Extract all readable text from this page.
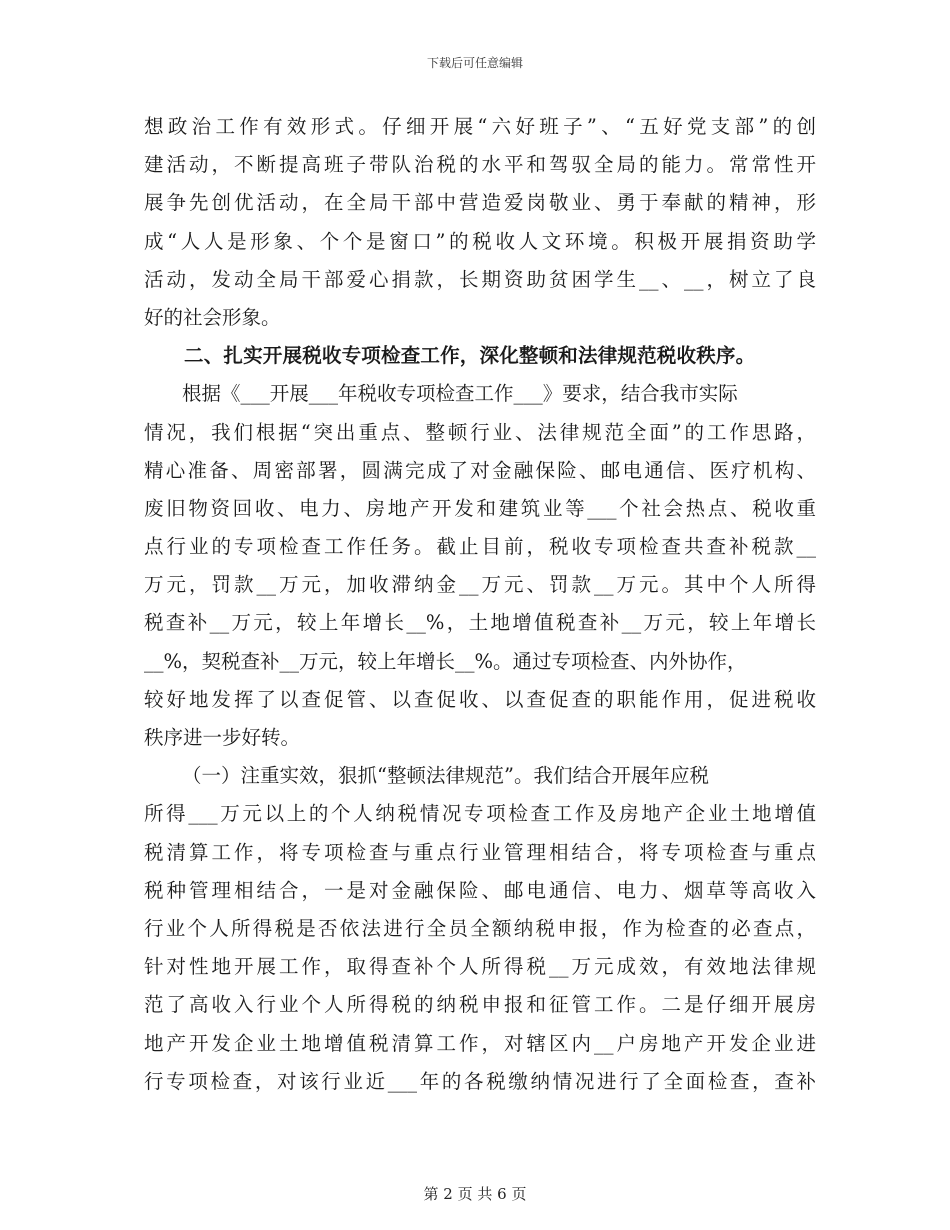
下载后可任意编辑
想政治工作有效形式。仔细开展“六好班子”、“五好党支部”的创
建活动，不断提高班子带队治税的水平和驾驭全局的能力。常常性开
展争先创优活动，在全局干部中营造爱岗敬业、勇于奉献的精神，形
成“人人是形象、个个是窗口”的税收人文环境。积极开展捐资助学
活动，发动全局干部爱心捐款，长期资助贫困学生__、__，树立了良
好的社会形象。
二、扎实开展税收专项检查工作，深化整顿和法律规范税收秩序。
根据《___开展___年税收专项检查工作___》要求，结合我市实际
情况，我们根据“突出重点、整顿行业、法律规范全面”的工作思路，
精心准备、周密部署，圆满完成了对金融保险、邮电通信、医疗机构、
废旧物资回收、电力、房地产开发和建筑业等___个社会热点、税收重
点行业的专项检查工作任务。截止目前，税收专项检查共查补税款__
万元，罚款__万元，加收滞纳金__万元、罚款__万元。其中个人所得
税查补__万元，较上年增长__%，土地增值税查补__万元，较上年增长
__%，契税查补__万元，较上年增长__%。通过专项检查、内外协作，
较好地发挥了以查促管、以查促收、以查促查的职能作用，促进税收
秩序进一步好转。
（一）注重实效，狠抓“整顿法律规范”。我们结合开展年应税
所得___万元以上的个人纳税情况专项检查工作及房地产企业土地增值
税清算工作，将专项检查与重点行业管理相结合，将专项检查与重点
税种管理相结合，一是对金融保险、邮电通信、电力、烟草等高收入
行业个人所得税是否依法进行全员全额纳税申报，作为检查的必查点，
针对性地开展工作，取得查补个人所得税__万元成效，有效地法律规
范了高收入行业个人所得税的纳税申报和征管工作。二是仔细开展房
地产开发企业土地增值税清算工作，对辖区内__户房地产开发企业进
行专项检查，对该行业近___年的各税缴纳情况进行了全面检查，查补
第 2 页 共 6 页
